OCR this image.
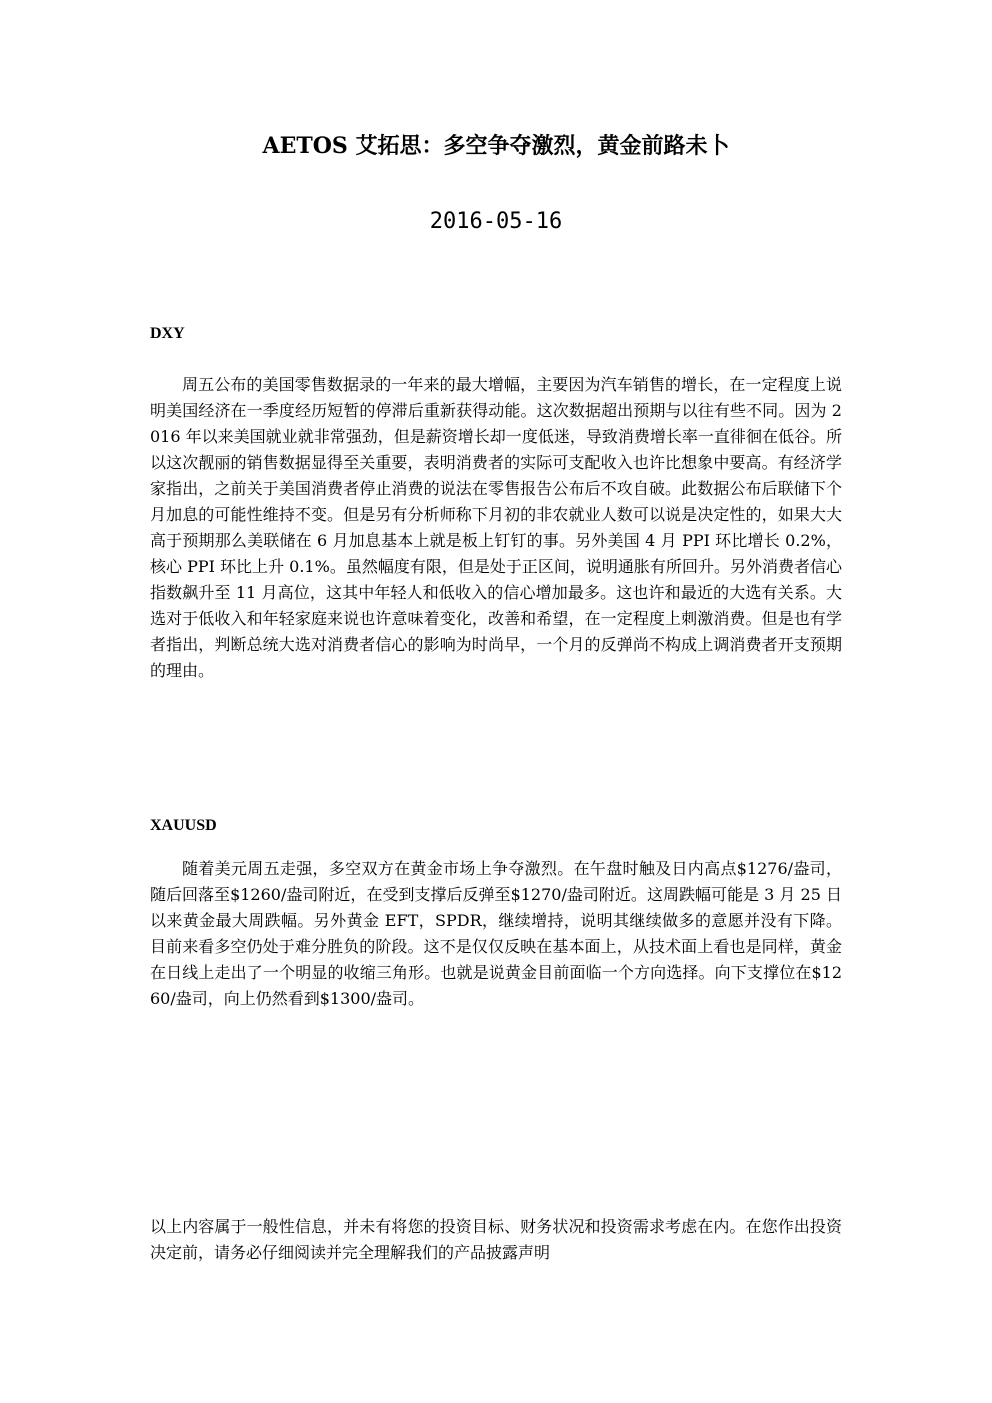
AETOS 艾拓思：多空争夺激烈，黄金前路未卜
2016-05-16
DXY

周五公布的美国零售数据录的一年来的最大增幅，主要因为汽车销售的增长，在一定程度上说明美国经济在一季度经历短暂的停滞后重新获得动能。这次数据超出预期与以往有些不同。因为 2016 年以来美国就业就非常强劲，但是薪资增长却一度低迷，导致消费增长率一直徘徊在低谷。所以这次靓丽的销售数据显得至关重要，表明消费者的实际可支配收入也许比想象中要高。有经济学家指出，之前关于美国消费者停止消费的说法在零售报告公布后不攻自破。此数据公布后联储下个月加息的可能性维持不变。但是另有分析师称下月初的非农就业人数可以说是决定性的，如果大大高于预期那么美联储在 6 月加息基本上就是板上钉钉的事。另外美国 4 月 PPI 环比增长 0.2%，核心 PPI 环比上升 0.1%。虽然幅度有限，但是处于正区间，说明通胀有所回升。另外消费者信心指数飙升至 11 月高位，这其中年轻人和低收入的信心增加最多。这也许和最近的大选有关系。大选对于低收入和年轻家庭来说也许意味着变化，改善和希望，在一定程度上刺激消费。但是也有学者指出，判断总统大选对消费者信心的影响为时尚早，一个月的反弹尚不构成上调消费者开支预期的理由。

XAUUSD

随着美元周五走强，多空双方在黄金市场上争夺激烈。在午盘时触及日内高点$1276/盎司，随后回落至$1260/盎司附近，在受到支撑后反弹至$1270/盎司附近。这周跌幅可能是 3 月 25 日以来黄金最大周跌幅。另外黄金 EFT，SPDR，继续增持，说明其继续做多的意愿并没有下降。目前来看多空仍处于难分胜负的阶段。这不是仅仅反映在基本面上，从技术面上看也是同样，黄金在日线上走出了一个明显的收缩三角形。也就是说黄金目前面临一个方向选择。向下支撑位在$1260/盎司，向上仍然看到$1300/盎司。

以上内容属于一般性信息，并未有将您的投资目标、财务状况和投资需求考虑在内。在您作出投资决定前，请务必仔细阅读并完全理解我们的产品披露声明
